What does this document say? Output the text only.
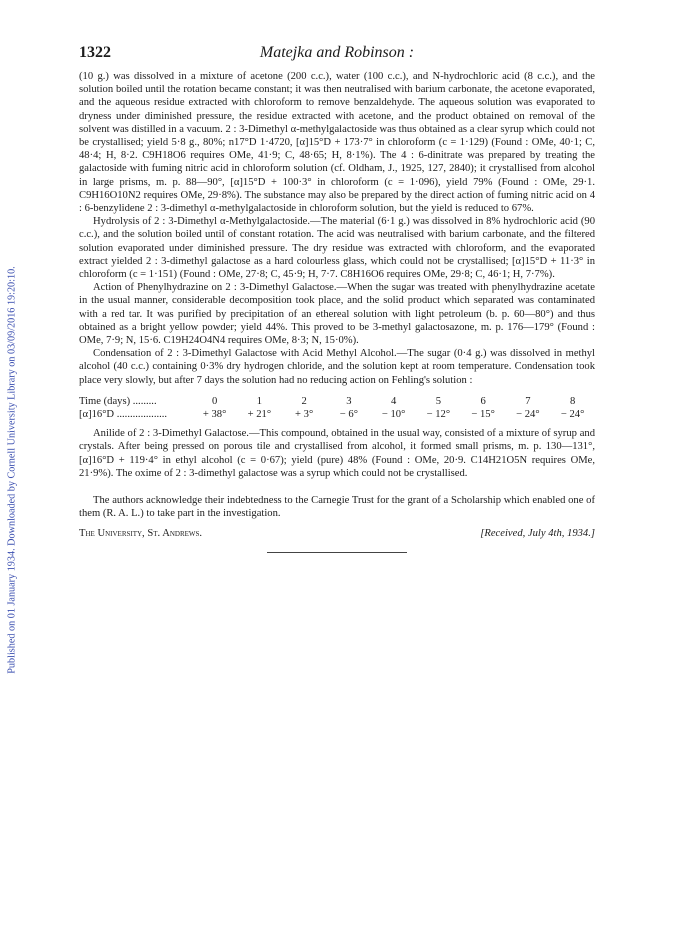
Published on 01 January 1934. Downloaded by Cornell University Library on 03/09/2016 19:20:10.
1322	Matejka and Robinson :

(10 g.) was dissolved in a mixture of acetone (200 c.c.), water (100 c.c.), and N-hydrochloric acid (8 c.c.), and the solution boiled until the rotation became constant; it was then neutralised with barium carbonate, the acetone evaporated, and the aqueous residue extracted with chloroform to remove benzaldehyde. The aqueous solution was evaporated to dryness under diminished pressure, the residue extracted with acetone, and the product obtained on removal of the solvent was distilled in a vacuum. 2 : 3-Dimethyl α-methylgalactoside was thus obtained as a clear syrup which could not be crystallised; yield 5·8 g., 80%; n17°D 1·4720, [α]15°D + 173·7° in chloroform (c = 1·129) (Found : OMe, 40·1; C, 48·4; H, 8·2. C9H18O6 requires OMe, 41·9; C, 48·65; H, 8·1%). The 4 : 6-dinitrate was prepared by treating the galactoside with fuming nitric acid in chloroform solution (cf. Oldham, J., 1925, 127, 2840); it crystallised from alcohol in large prisms, m. p. 88—90°, [α]15°D + 100·3° in chloroform (c = 1·096), yield 79% (Found : OMe, 29·1. C9H16O10N2 requires OMe, 29·8%). The substance may also be prepared by the direct action of fuming nitric acid on 4 : 6-benzylidene 2 : 3-dimethyl α-methylgalactoside in chloroform solution, but the yield is reduced to 67%.

Hydrolysis of 2 : 3-Dimethyl α-Methylgalactoside.—The material (6·1 g.) was dissolved in 8% hydrochloric acid (90 c.c.), and the solution boiled until of constant rotation. The acid was neutralised with barium carbonate, and the filtered solution evaporated under diminished pressure. The dry residue was extracted with chloroform, and the evaporated extract yielded 2 : 3-dimethyl galactose as a hard colourless glass, which could not be crystallised; [α]15°D + 11·3° in chloroform (c = 1·151) (Found : OMe, 27·8; C, 45·9; H, 7·7. C8H16O6 requires OMe, 29·8; C, 46·1; H, 7·7%).

Action of Phenylhydrazine on 2 : 3-Dimethyl Galactose.—When the sugar was treated with phenylhydrazine acetate in the usual manner, considerable decomposition took place, and the solid product which separated was contaminated with a red tar. It was purified by precipitation of an ethereal solution with light petroleum (b. p. 60—80°) and thus obtained as a bright yellow powder; yield 44%. This proved to be 3-methyl galactosazone, m. p. 176—179° (Found : OMe, 7·9; N, 15·6. C19H24O4N4 requires OMe, 8·3; N, 15·0%).

Condensation of 2 : 3-Dimethyl Galactose with Acid Methyl Alcohol.—The sugar (0·4 g.) was dissolved in methyl alcohol (40 c.c.) containing 0·3% dry hydrogen chloride, and the solution kept at room temperature. Condensation took place very slowly, but after 7 days the solution had no reducing action on Fehling's solution :

Time (days) .........	0	1	2	3	4	5	6	7	8
[α]16°D ...................	+ 38°	+ 21°	+ 3°	− 6°	− 10°	− 12°	− 15°	− 24°	− 24°

Anilide of 2 : 3-Dimethyl Galactose.—This compound, obtained in the usual way, consisted of a mixture of syrup and crystals. After being pressed on porous tile and crystallised from alcohol, it formed small prisms, m. p. 130—131°, [α]16°D + 119·4° in ethyl alcohol (c = 0·67); yield (pure) 48% (Found : OMe, 20·9. C14H21O5N requires OMe, 21·9%). The oxime of 2 : 3-dimethyl galactose was a syrup which could not be crystallised.

The authors acknowledge their indebtedness to the Carnegie Trust for the grant of a Scholarship which enabled one of them (R. A. L.) to take part in the investigation.

The University, St. Andrews.	[Received, July 4th, 1934.]
